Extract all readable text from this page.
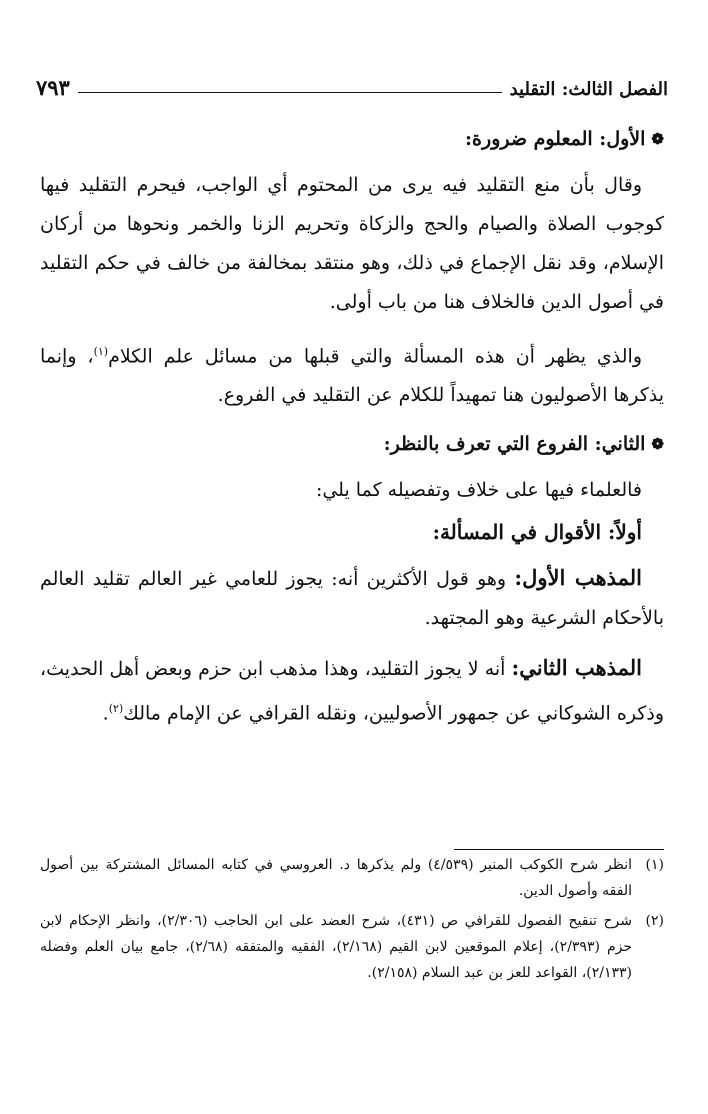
الفصل الثالث: التقليد
٧٩٣
❁
الأول: المعلوم ضرورة:

وقال بأن منع التقليد فيه يرى من المحتوم أي الواجب، فيحرم التقليد فيها كوجوب الصلاة والصيام والحج والزكاة وتحريم الزنا والخمر ونحوها من أركان الإسلام، وقد نقل الإجماع في ذلك، وهو منتقد بمخالفة من خالف في حكم التقليد في أصول الدين فالخلاف هنا من باب أولى.

والذي يظهر أن هذه المسألة والتي قبلها من مسائل علم الكلام$^{(١)}$، وإنما يذكرها الأصوليون هنا تمهيداً للكلام عن التقليد في الفروع.

❁
الثاني: الفروع التي تعرف بالنظر:

فالعلماء فيها على خلاف وتفصيله كما يلي:

أولاً: الأقوال في المسألة:

المذهب الأول: وهو قول الأكثرين أنه: يجوز للعامي غير العالم تقليد العالم بالأحكام الشرعية وهو المجتهد.

المذهب الثاني: أنه لا يجوز التقليد، وهذا مذهب ابن حزم وبعض أهل الحديث، وذكره الشوكاني عن جمهور الأصوليين، ونقله القرافي عن الإمام مالك$^{(٢)}$.

(١)
انظر شرح الكوكب المنير (٤/٥٣٩) ولم يذكرها د. العروسي في كتابه المسائل المشتركة بين أصول الفقه وأصول الدين.
(٢)
شرح تنقيح الفصول للقرافي ص (٤٣١)، شرح العضد على ابن الحاجب (٢/٣٠٦)، وانظر الإحكام لابن حزم (٢/٣٩٣)، إعلام الموقعين لابن القيم (٢/١٦٨)، الفقيه والمتفقه (٢/٦٨)، جامع بيان العلم وفضله (٢/١٣٣)، القواعد للعز بن عبد السلام (٢/١٥٨).
